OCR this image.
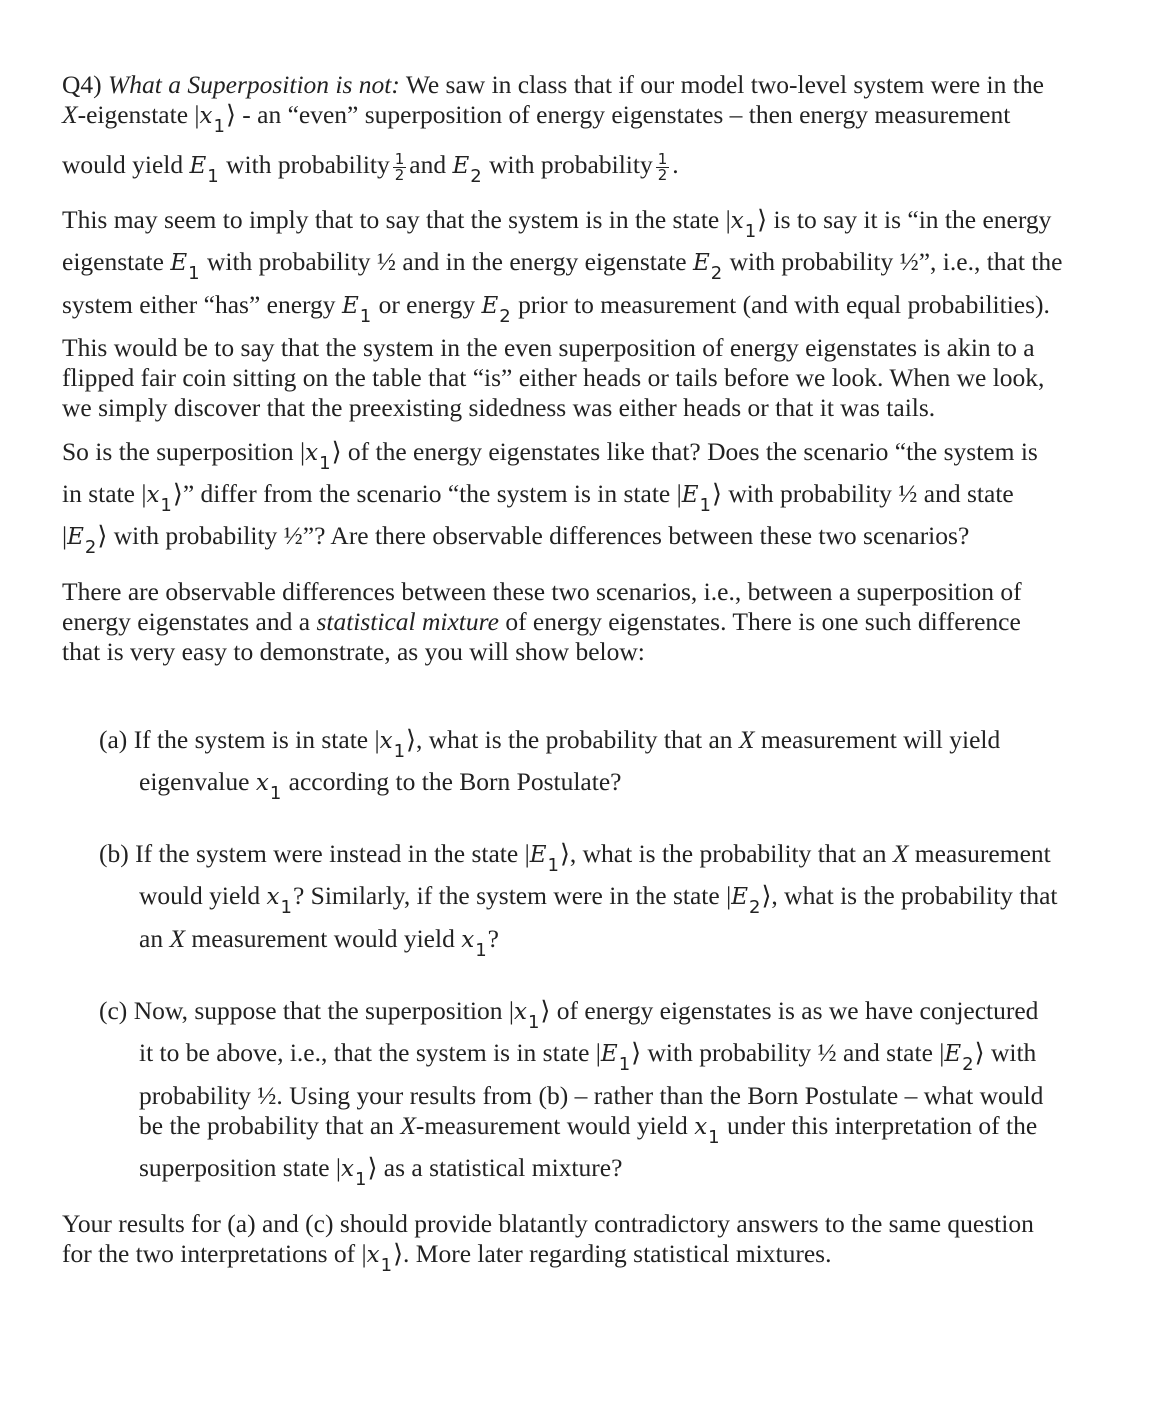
Q4) What a Superposition is not: We saw in class that if our model two-level system were in the
X-eigenstate $|x_1⟩$ - an “even” superposition of energy eigenstates – then energy measurement
would yield $E_1$ with probability $\frac{1}{2}$ and $E_2$ with probability $\frac{1}{2}$ .
This may seem to imply that to say that the system is in the state $|x_1⟩$ is to say it is “in the energy
eigenstate $E_1$ with probability ½ and in the energy eigenstate $E_2$ with probability ½”, i.e., that the
system either “has” energy $E_1$ or energy $E_2$ prior to measurement (and with equal probabilities).
This would be to say that the system in the even superposition of energy eigenstates is akin to a
flipped fair coin sitting on the table that “is” either heads or tails before we look. When we look,
we simply discover that the preexisting sidedness was either heads or that it was tails.
So is the superposition $|x_1⟩$ of the energy eigenstates like that? Does the scenario “the system is
in state $|x_1⟩$” differ from the scenario “the system is in state $|E_1⟩$ with probability ½ and state
$|E_2⟩$ with probability ½”? Are there observable differences between these two scenarios?
There are observable differences between these two scenarios, i.e., between a superposition of
energy eigenstates and a statistical mixture of energy eigenstates. There is one such difference
that is very easy to demonstrate, as you will show below:
(a) If the system is in state $|x_1⟩$, what is the probability that an X measurement will yield
eigenvalue $x_1$ according to the Born Postulate?
(b) If the system were instead in the state $|E_1⟩$, what is the probability that an X measurement
would yield $x_1$? Similarly, if the system were in the state $|E_2⟩$, what is the probability that
an X measurement would yield $x_1$?
(c) Now, suppose that the superposition $|x_1⟩$ of energy eigenstates is as we have conjectured
it to be above, i.e., that the system is in state $|E_1⟩$ with probability ½ and state $|E_2⟩$ with
probability ½. Using your results from (b) – rather than the Born Postulate – what would
be the probability that an X-measurement would yield $x_1$ under this interpretation of the
superposition state $|x_1⟩$ as a statistical mixture?
Your results for (a) and (c) should provide blatantly contradictory answers to the same question
for the two interpretations of $|x_1⟩$. More later regarding statistical mixtures.
